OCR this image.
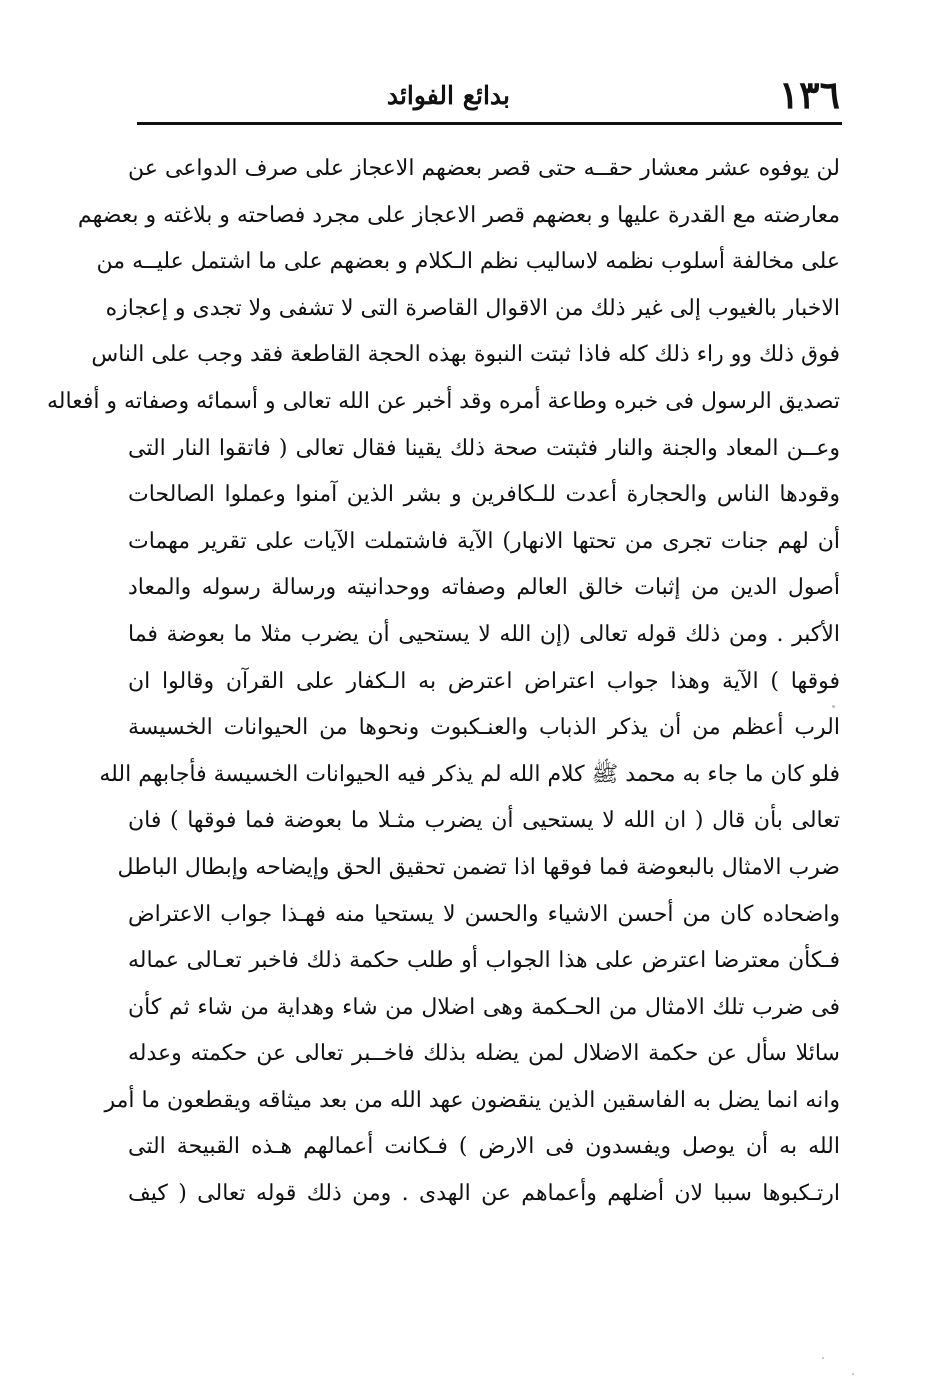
١٣٦
بدائع الفوائد
لن يوفوه عشر معشار حقــه حتى قصر بعضهم الاعجاز على صرف الدواعى عن
معارضته مع القدرة عليها و بعضهم قصر الاعجاز على مجرد فصاحته و بلاغته و بعضهم
على مخالفة أسلوب نظمه لاساليب نظم الـكلام و بعضهم على ما اشتمل عليــه من
الاخبار بالغيوب إلى غير ذلك من الاقوال القاصرة التى لا تشفى ولا تجدى و إعجازه
فوق ذلك وو راء ذلك كله فاذا ثبتت النبوة بهذه الحجة القاطعة فقد وجب على الناس
تصديق الرسول فى خبره وطاعة أمره وقد أخبر عن الله تعالى و أسمائه وصفاته و أفعاله
وعــن المعاد والجنة والنار فثبتت صحة ذلك يقينا فقال تعالى ( فاتقوا النار التى
وقودها الناس والحجارة أعدت للـكافرين و بشر الذين آمنوا وعملوا الصالحات
أن لهم جنات تجرى من تحتها الانهار) الآية فاشتملت الآيات على تقرير مهمات
أصول الدين من إثبات خالق العالم وصفاته ووحدانيته ورسالة رسوله والمعاد
الأكبر . ومن ذلك قوله تعالى (إن الله لا يستحيى أن يضرب مثلا ما بعوضة فما
فوقها ) الآية وهذا جواب اعتراض اعترض به الـكفار على القرآن وقالوا ان
الرب أعظم من أن يذكر الذباب والعنـكبوت ونحوها من الحيوانات الخسيسة
فلو كان ما جاء به محمد ﷺ كلام الله لم يذكر فيه الحيوانات الخسيسة فأجابهم الله
تعالى بأن قال ( ان الله لا يستحيى أن يضرب مثـلا ما بعوضة فما فوقها ) فان
ضرب الامثال بالبعوضة فما فوقها اذا تضمن تحقيق الحق وإيضاحه وإبطال الباطل
واضحاده كان من أحسن الاشياء والحسن لا يستحيا منه فهـذا جواب الاعتراض
فـكأن معترضا اعترض على هذا الجواب أو طلب حكمة ذلك فاخبر تعـالى عماله
فى ضرب تلك الامثال من الحـكمة وهى اضلال من شاء وهداية من شاء ثم كأن
سائلا سأل عن حكمة الاضلال لمن يضله بذلك فاخــبر تعالى عن حكمته وعدله
وانه انما يضل به الفاسقين الذين ينقضون عهد الله من بعد ميثاقه ويقطعون ما أمر
الله به أن يوصل ويفسدون فى الارض ) فـكانت أعمالهم هـذه القبيحة التى
ارتـكبوها سببا لان أضلهم وأعماهم عن الهدى . ومن ذلك قوله تعالى ( كيف
